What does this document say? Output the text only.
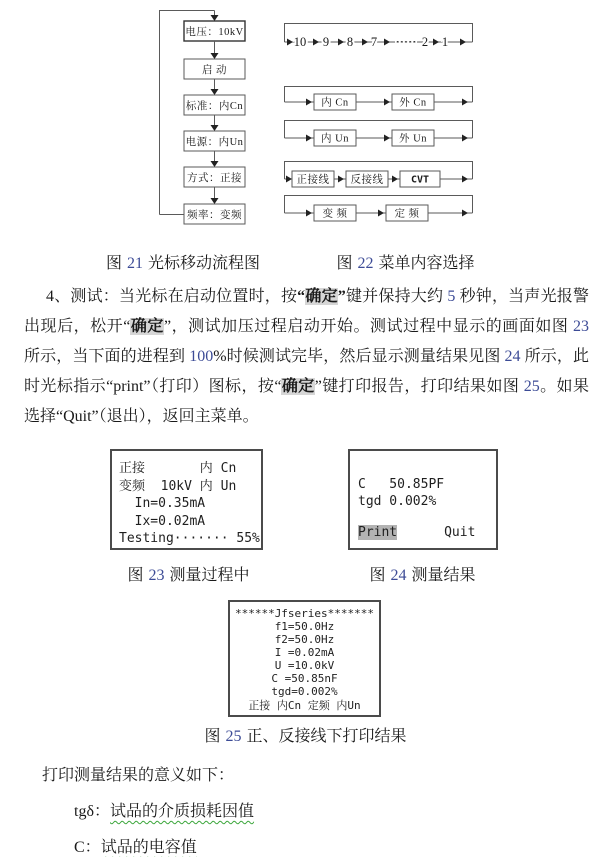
电压：10kV
启 动
标准：内Cn
电源：内Un
方式：正接
频率：变频
10 9 8 7 ····· 2 1
内 Cn	外 Cn
内 Un	外 Un
正接线 反接线	CVT
变 频	定 频
图 21 光标移动流程图	图 22 菜单内容选择

4、测试：当光标在启动位置时，按“确定”键并保持大约 5 秒钟，当声光报警出现后，松开“确定”，测试加压过程启动开始。测试过程中显示的画面如图 23 所示，当下面的进程到 100%时候测试完毕，然后显示测量结果见图 24 所示，此时光标指示“print”（打印）图标，按“确定”键打印报告，打印结果如图 25。如果选择“Quit”（退出），返回主菜单。

正接       内 Cn
变频  10kV 内 Un
In=0.35mA
Ix=0.02mA
Testing······· 55%
C   50.85PF
tgd 0.002%
Print	Quit
图 23 测量过程中	图 24 测量结果
******Jfseries*******
f1=50.0Hz
f2=50.0Hz
I =0.02mA
U =10.0kV
C =50.85nF
tgd=0.002%
正接 内Cn 定频 内Un
图 25 正、反接线下打印结果
打印测量结果的意义如下：
tgδ：试品的介质损耗因值
C：试品的电容值
